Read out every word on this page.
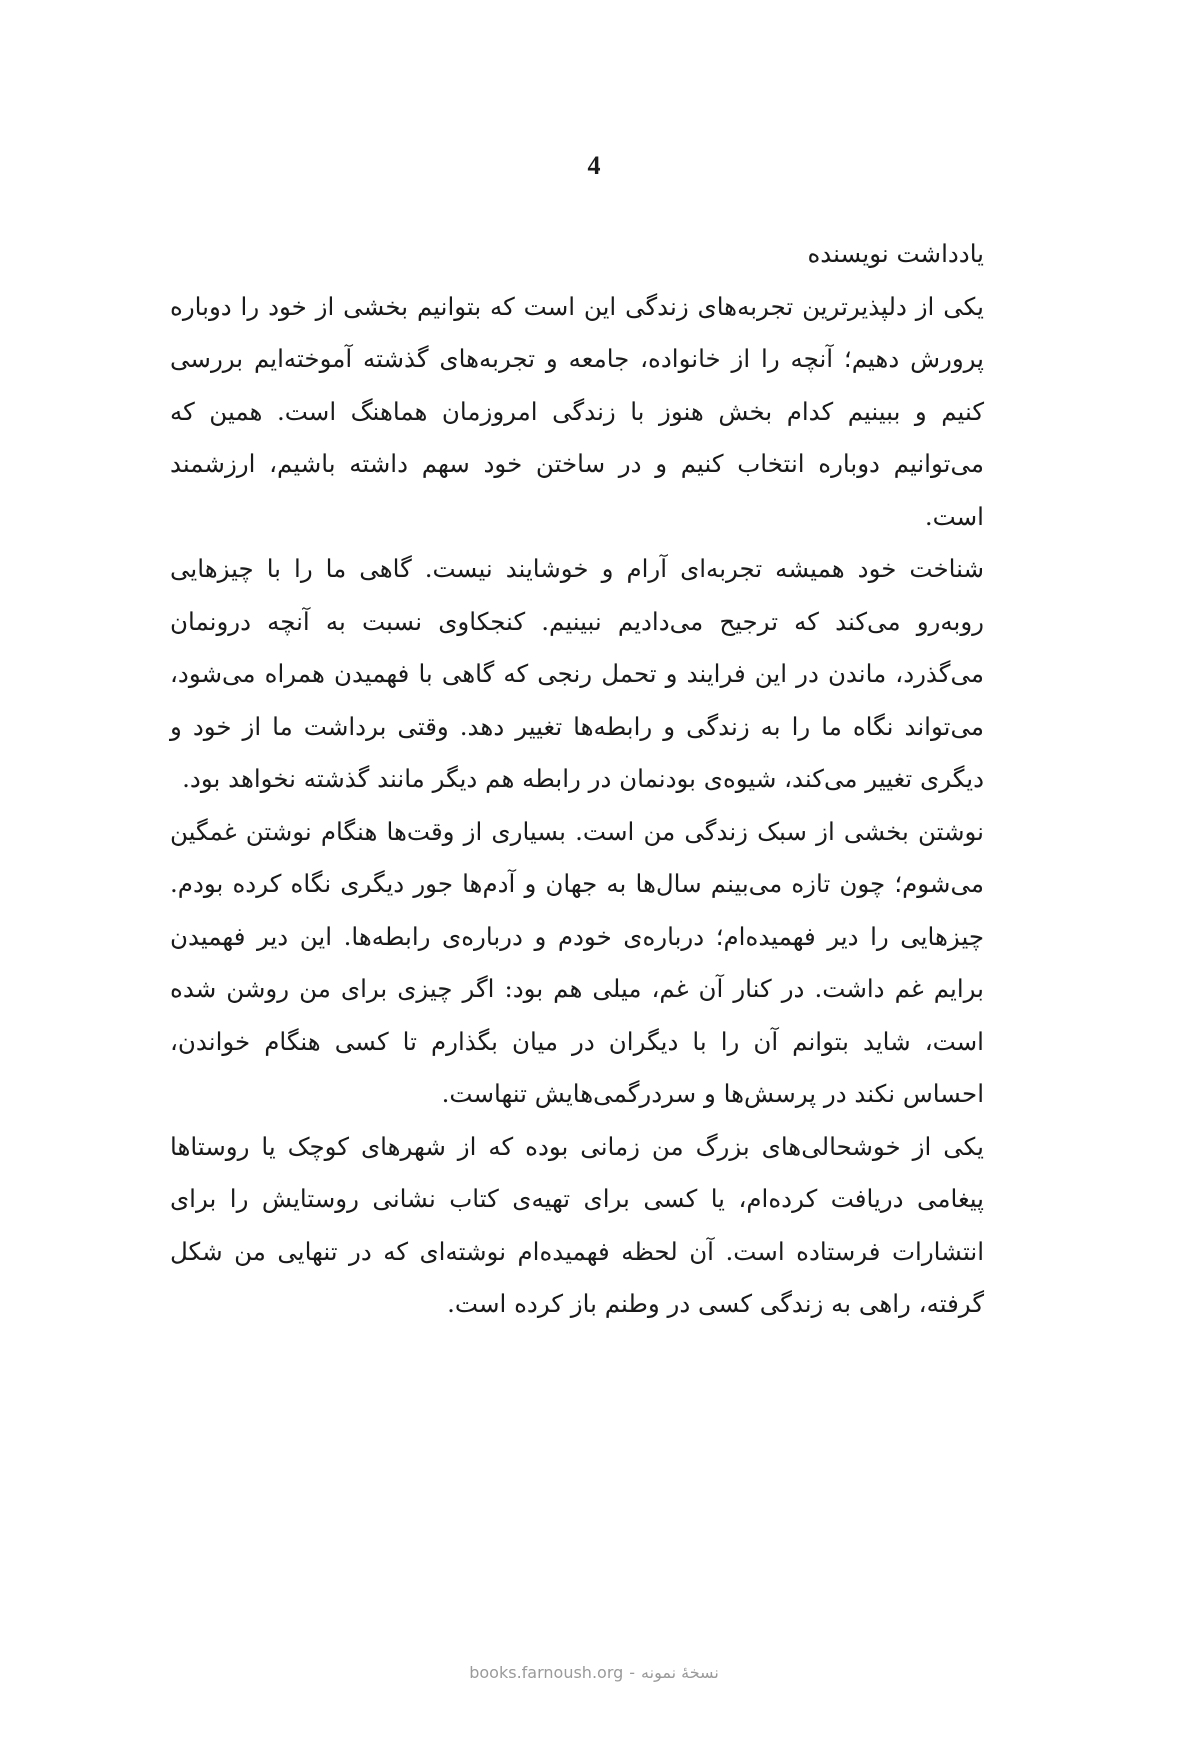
4
یادداشت نویسنده

یکی از دلپذیرترین تجربه‌های زندگی این است که بتوانیم بخشی از خود را دوباره پرورش دهیم؛ آنچه را از خانواده، جامعه و تجربه‌های گذشته آموخته‌ایم بررسی کنیم و ببینیم کدام بخش هنوز با زندگی امروزمان هماهنگ است. همین که می‌توانیم دوباره انتخاب کنیم و در ساختن خود سهم داشته باشیم، ارزشمند است.

شناخت خود همیشه تجربه‌ای آرام و خوشایند نیست. گاهی ما را با چیزهایی روبه‌رو می‌کند که ترجیح می‌دادیم نبینیم. کنجکاوی نسبت به آنچه درونمان می‌گذرد، ماندن در این فرایند و تحمل رنجی که گاهی با فهمیدن همراه می‌شود، می‌تواند نگاه ما را به زندگی و رابطه‌ها تغییر دهد. وقتی برداشت ما از خود و دیگری تغییر می‌کند، شیوه‌ی بودنمان در رابطه هم دیگر مانند گذشته نخواهد بود.

نوشتن بخشی از سبک زندگی من است. بسیاری از وقت‌ها هنگام نوشتن غمگین می‌شوم؛ چون تازه می‌بینم سال‌ها به جهان و آدم‌ها جور دیگری نگاه کرده بودم. چیزهایی را دیر فهمیده‌ام؛ درباره‌ی خودم و درباره‌ی رابطه‌ها. این دیر فهمیدن برایم غم داشت. در کنار آن غم، میلی هم بود: اگر چیزی برای من روشن شده است، شاید بتوانم آن را با دیگران در میان بگذارم تا کسی هنگام خواندن، احساس نکند در پرسش‌ها و سردرگمی‌هایش تنهاست.

یکی از خوشحالی‌های بزرگ من زمانی بوده که از شهرهای کوچک یا روستاها پیغامی دریافت کرده‌ام، یا کسی برای تهیه‌ی کتاب نشانی روستایش را برای انتشارات فرستاده است. آن لحظه فهمیده‌ام نوشته‌ای که در تنهایی من شکل گرفته، راهی به زندگی کسی در وطنم باز کرده است.

books.farnoush.org - نسخهٔ نمونه
